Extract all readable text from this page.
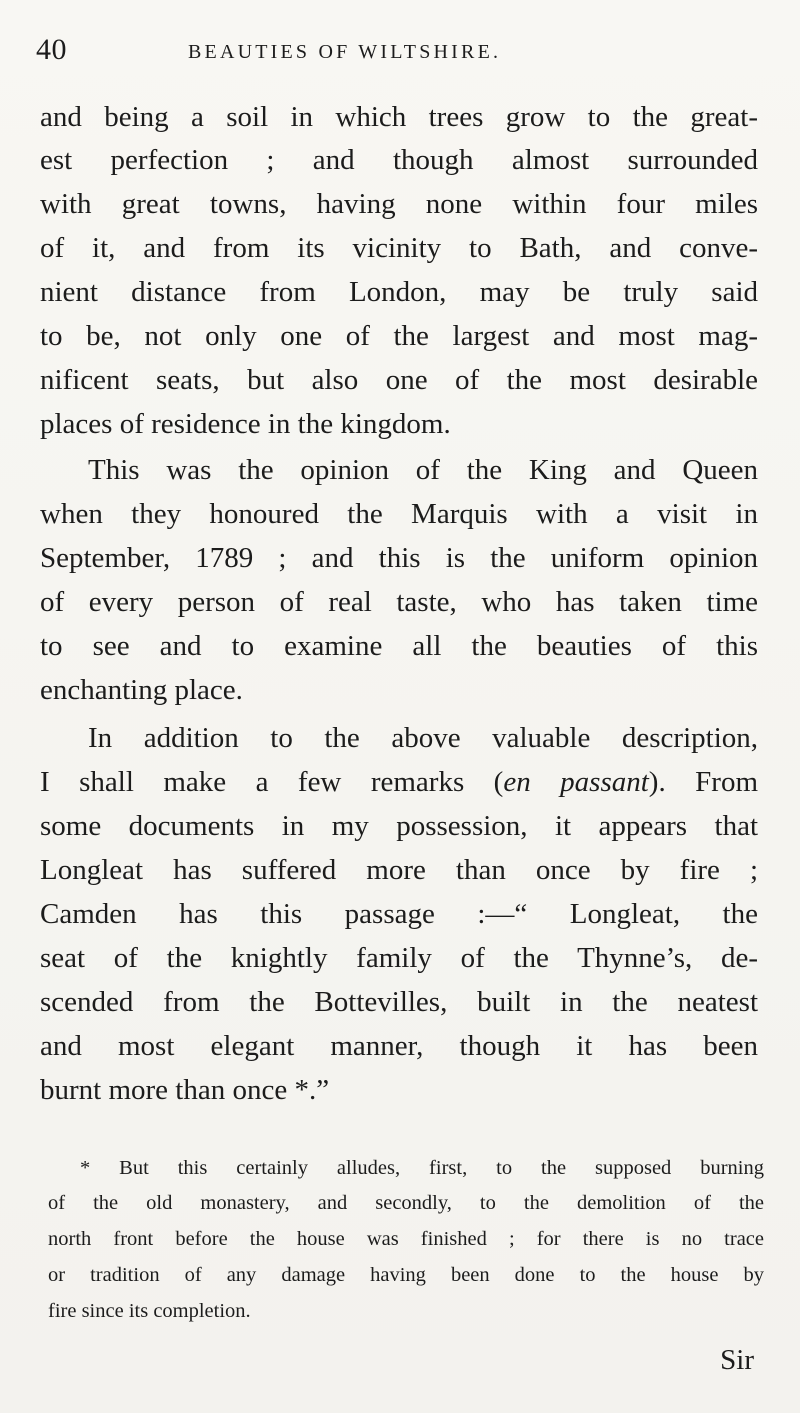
40	BEAUTIES OF WILTSHIRE.
and being a soil in which trees grow to the great-
est perfection ; and though almost surrounded
with great towns, having none within four miles
of it, and from its vicinity to Bath, and conve-
nient distance from London, may be truly said
to be, not only one of the largest and most mag-
nificent seats, but also one of the most desirable
places of residence in the kingdom.
This was the opinion of the King and Queen
when they honoured the Marquis with a visit in
September, 1789 ; and this is the uniform opinion
of every person of real taste, who has taken time
to see and to examine all the beauties of this
enchanting place.
In addition to the above valuable description,
I shall make a few remarks (en passant). From
some documents in my possession, it appears that
Longleat has suffered more than once by fire ;
Camden has this passage :—“ Longleat, the
seat of the knightly family of the Thynne’s, de-
scended from the Bottevilles, built in the neatest
and most elegant manner, though it has been
burnt more than once *.”
* But this certainly alludes, first, to the supposed burning
of the old monastery, and secondly, to the demolition of the
north front before the house was finished ; for there is no trace
or tradition of any damage having been done to the house by
fire since its completion.
Sir
